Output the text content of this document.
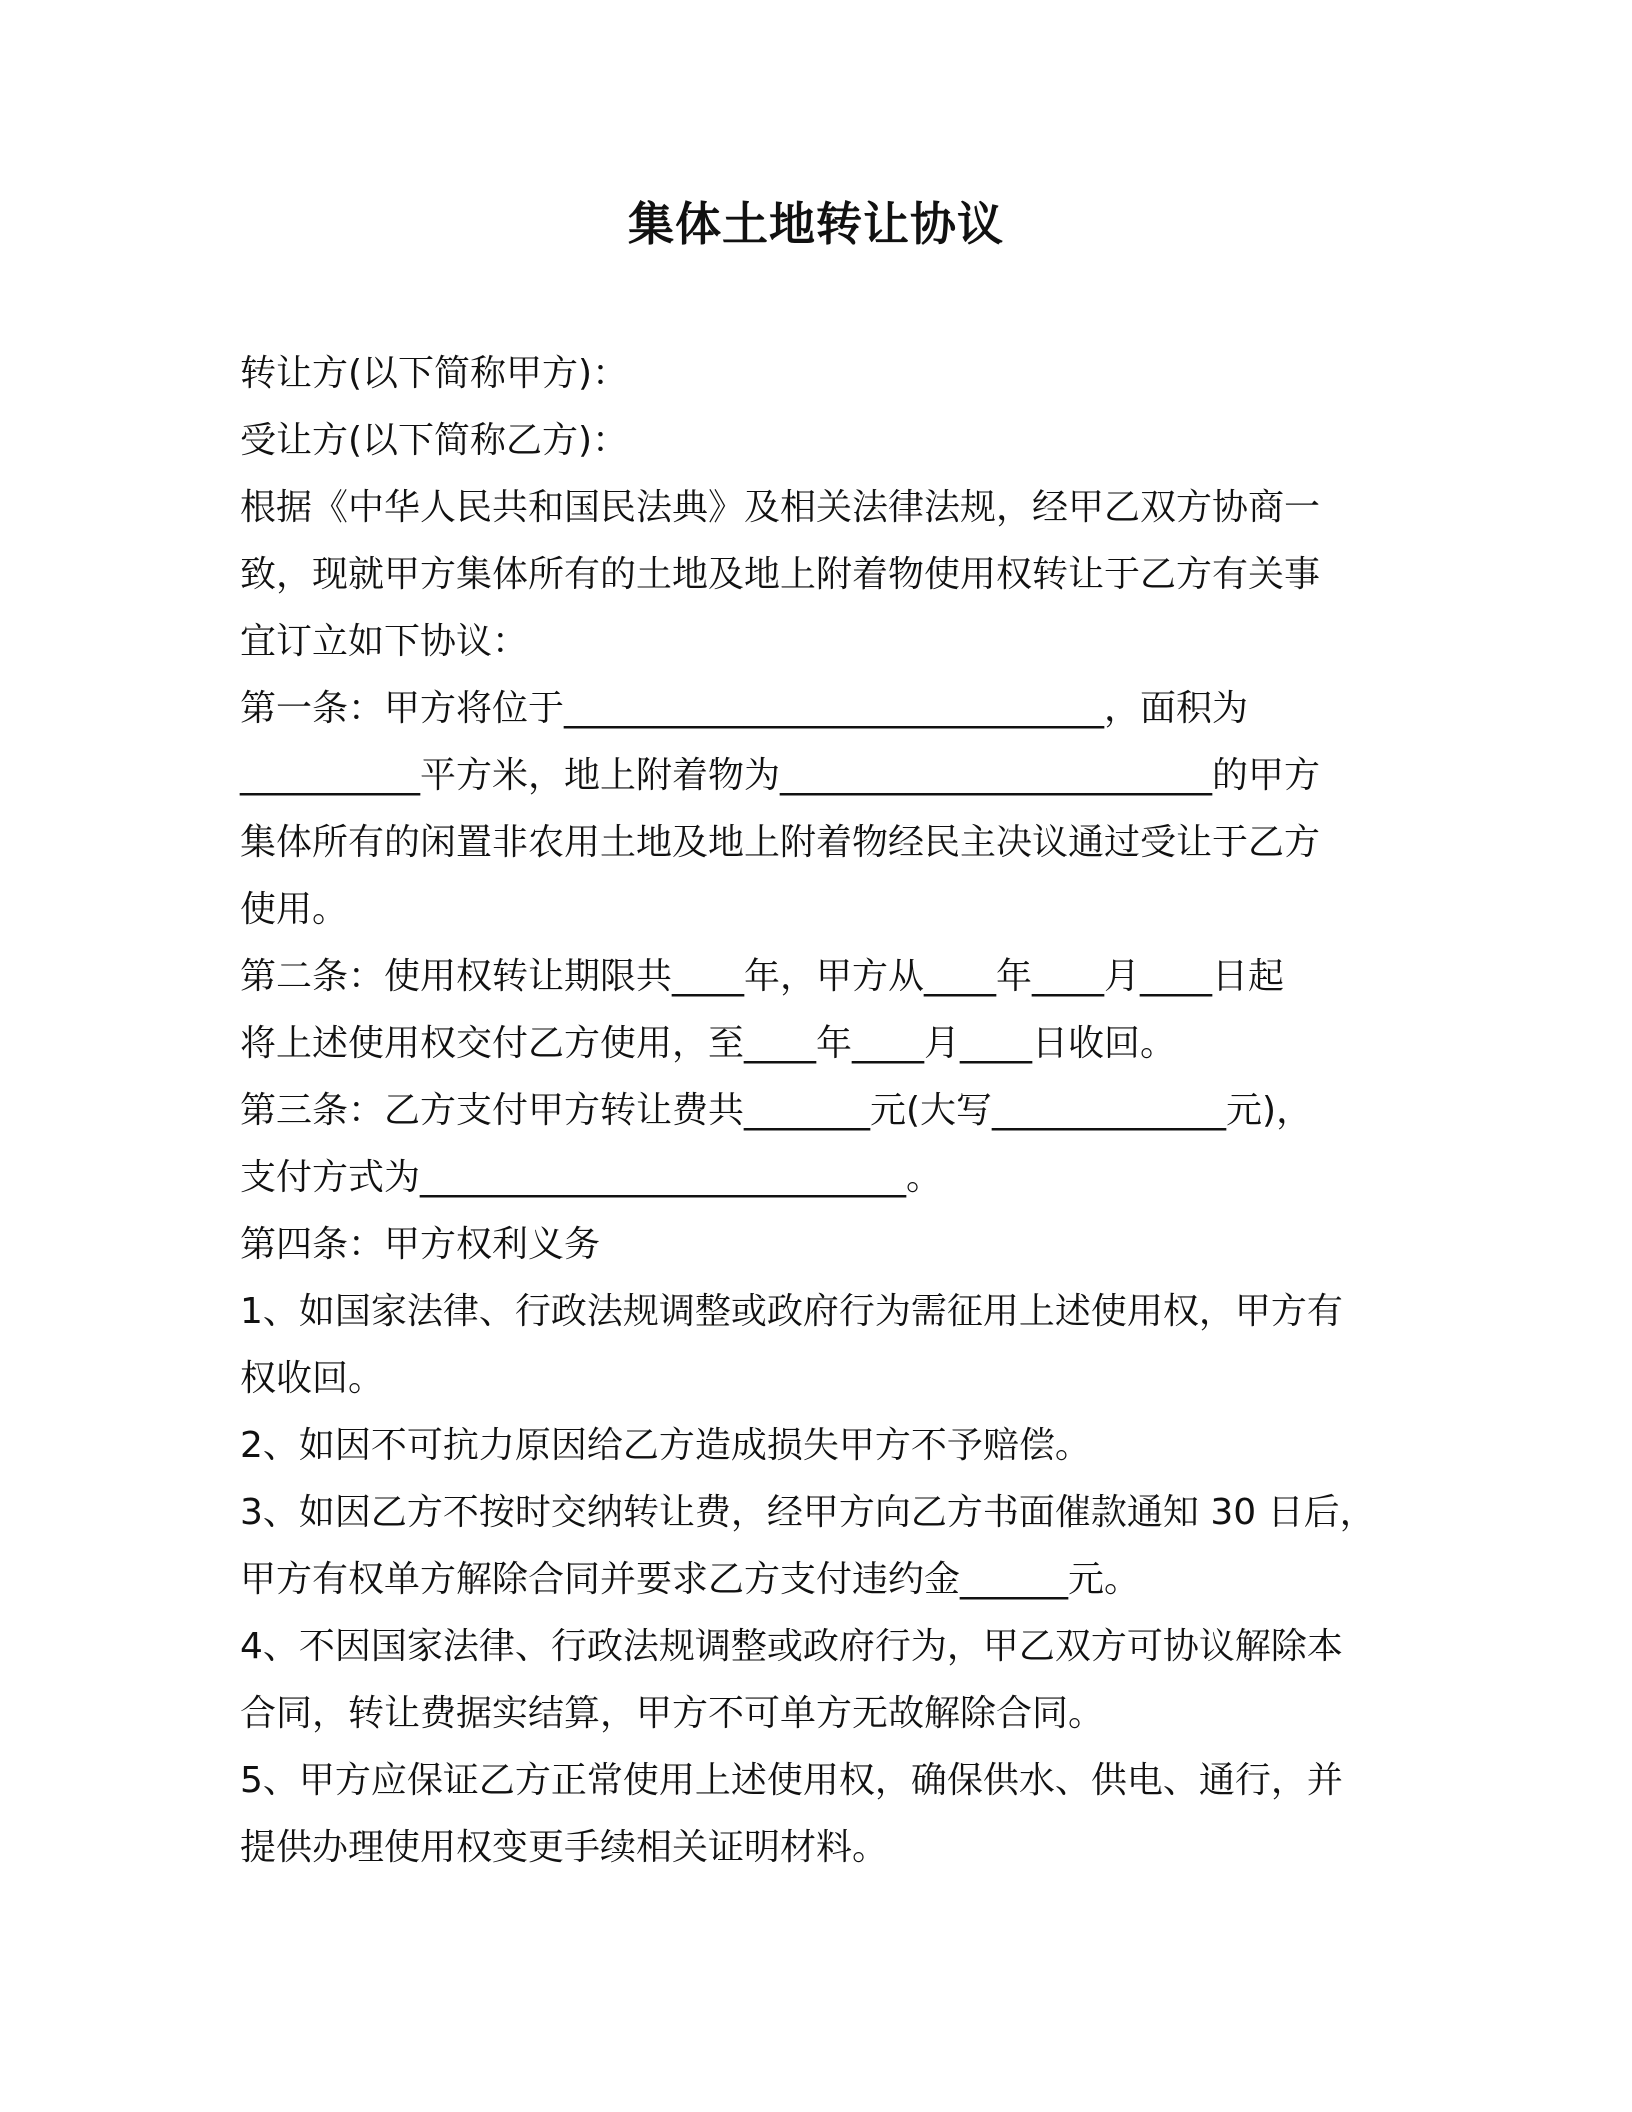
集体土地转让协议
转让方(以下简称甲方)：
受让方(以下简称乙方)：
根据《中华人民共和国民法典》及相关法律法规，经甲乙双方协商一
致，现就甲方集体所有的土地及地上附着物使用权转让于乙方有关事
宜订立如下协议：
第一条：甲方将位于______________________________，面积为
__________平方米，地上附着物为________________________的甲方
集体所有的闲置非农用土地及地上附着物经民主决议通过受让于乙方
使用。
第二条：使用权转让期限共____年，甲方从____年____月____日起
将上述使用权交付乙方使用，至____年____月____日收回。
第三条：乙方支付甲方转让费共_______元(大写_____________元)，
支付方式为___________________________。
第四条：甲方权利义务
1、如国家法律、行政法规调整或政府行为需征用上述使用权，甲方有
权收回。
2、如因不可抗力原因给乙方造成损失甲方不予赔偿。
3、如因乙方不按时交纳转让费，经甲方向乙方书面催款通知 30 日后，
甲方有权单方解除合同并要求乙方支付违约金______元。
4、不因国家法律、行政法规调整或政府行为，甲乙双方可协议解除本
合同，转让费据实结算，甲方不可单方无故解除合同。
5、甲方应保证乙方正常使用上述使用权，确保供水、供电、通行，并
提供办理使用权变更手续相关证明材料。
